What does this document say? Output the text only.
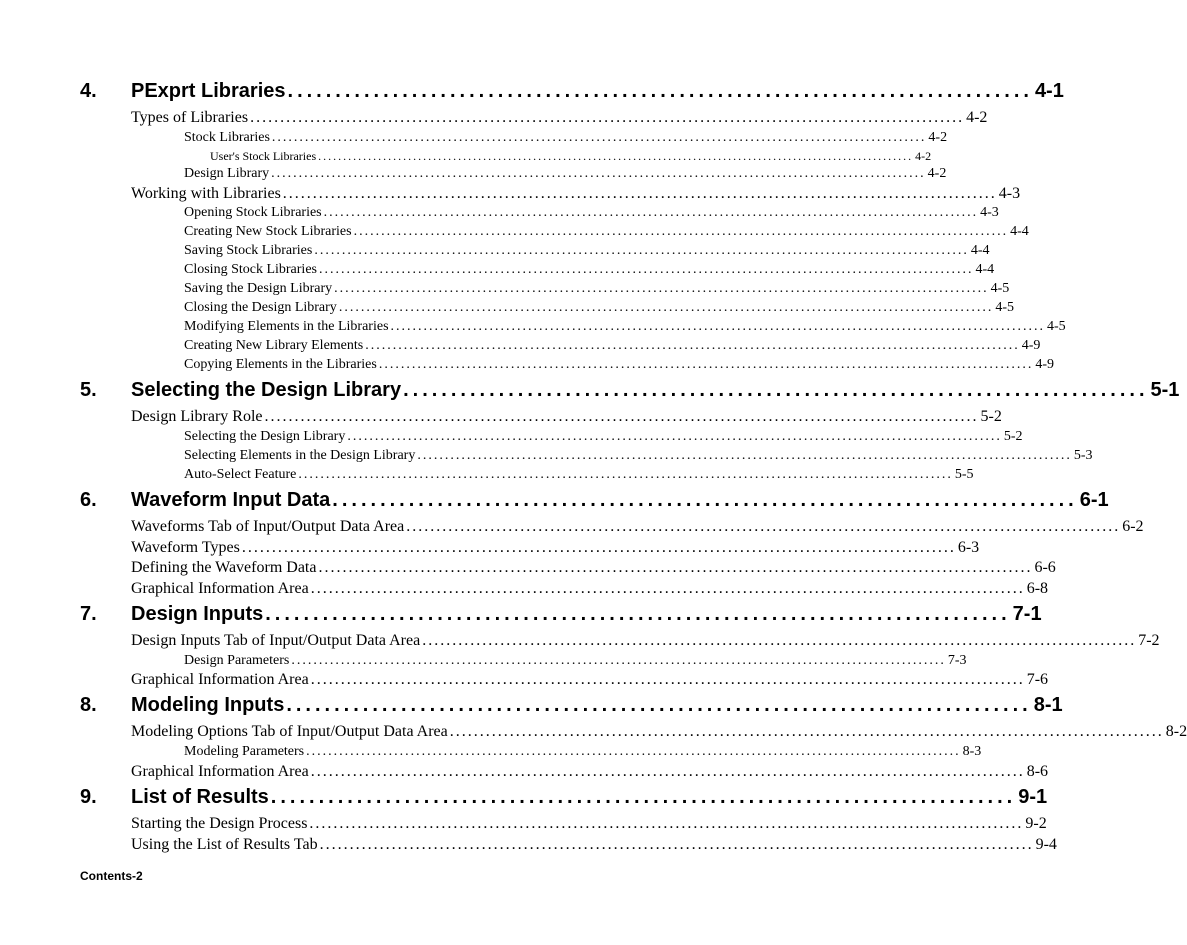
4. PExprt Libraries .............................................................................. 4-1
Types of Libraries ....................................................................................................................... 4-2
Stock Libraries ....................................................................................................................... 4-2
User's Stock Libraries ....................................................................................................................... 4-2
Design Library ....................................................................................................................... 4-2
Working with Libraries ....................................................................................................................... 4-3
Opening Stock Libraries ....................................................................................................................... 4-3
Creating New Stock Libraries ....................................................................................................................... 4-4
Saving Stock Libraries ....................................................................................................................... 4-4
Closing Stock Libraries ....................................................................................................................... 4-4
Saving the Design Library ....................................................................................................................... 4-5
Closing the Design Library ....................................................................................................................... 4-5
Modifying Elements in the Libraries ....................................................................................................................... 4-5
Creating New Library Elements ....................................................................................................................... 4-9
Copying Elements in the Libraries ....................................................................................................................... 4-9
5. Selecting the Design Library .............................................................................. 5-1
Design Library Role ....................................................................................................................... 5-2
Selecting the Design Library ....................................................................................................................... 5-2
Selecting Elements in the Design Library ....................................................................................................................... 5-3
Auto-Select Feature ....................................................................................................................... 5-5
6. Waveform Input Data .............................................................................. 6-1
Waveforms Tab of Input/Output Data Area ....................................................................................................................... 6-2
Waveform Types ....................................................................................................................... 6-3
Defining the Waveform Data ....................................................................................................................... 6-6
Graphical Information Area ....................................................................................................................... 6-8
7. Design Inputs .............................................................................. 7-1
Design Inputs Tab of Input/Output Data Area ....................................................................................................................... 7-2
Design Parameters ....................................................................................................................... 7-3
Graphical Information Area ....................................................................................................................... 7-6
8. Modeling Inputs .............................................................................. 8-1
Modeling Options Tab of Input/Output Data Area ....................................................................................................................... 8-2
Modeling Parameters ....................................................................................................................... 8-3
Graphical Information Area ....................................................................................................................... 8-6
9. List of Results .............................................................................. 9-1
Starting the Design Process ....................................................................................................................... 9-2
Using the List of Results Tab ....................................................................................................................... 9-4
Contents-2
